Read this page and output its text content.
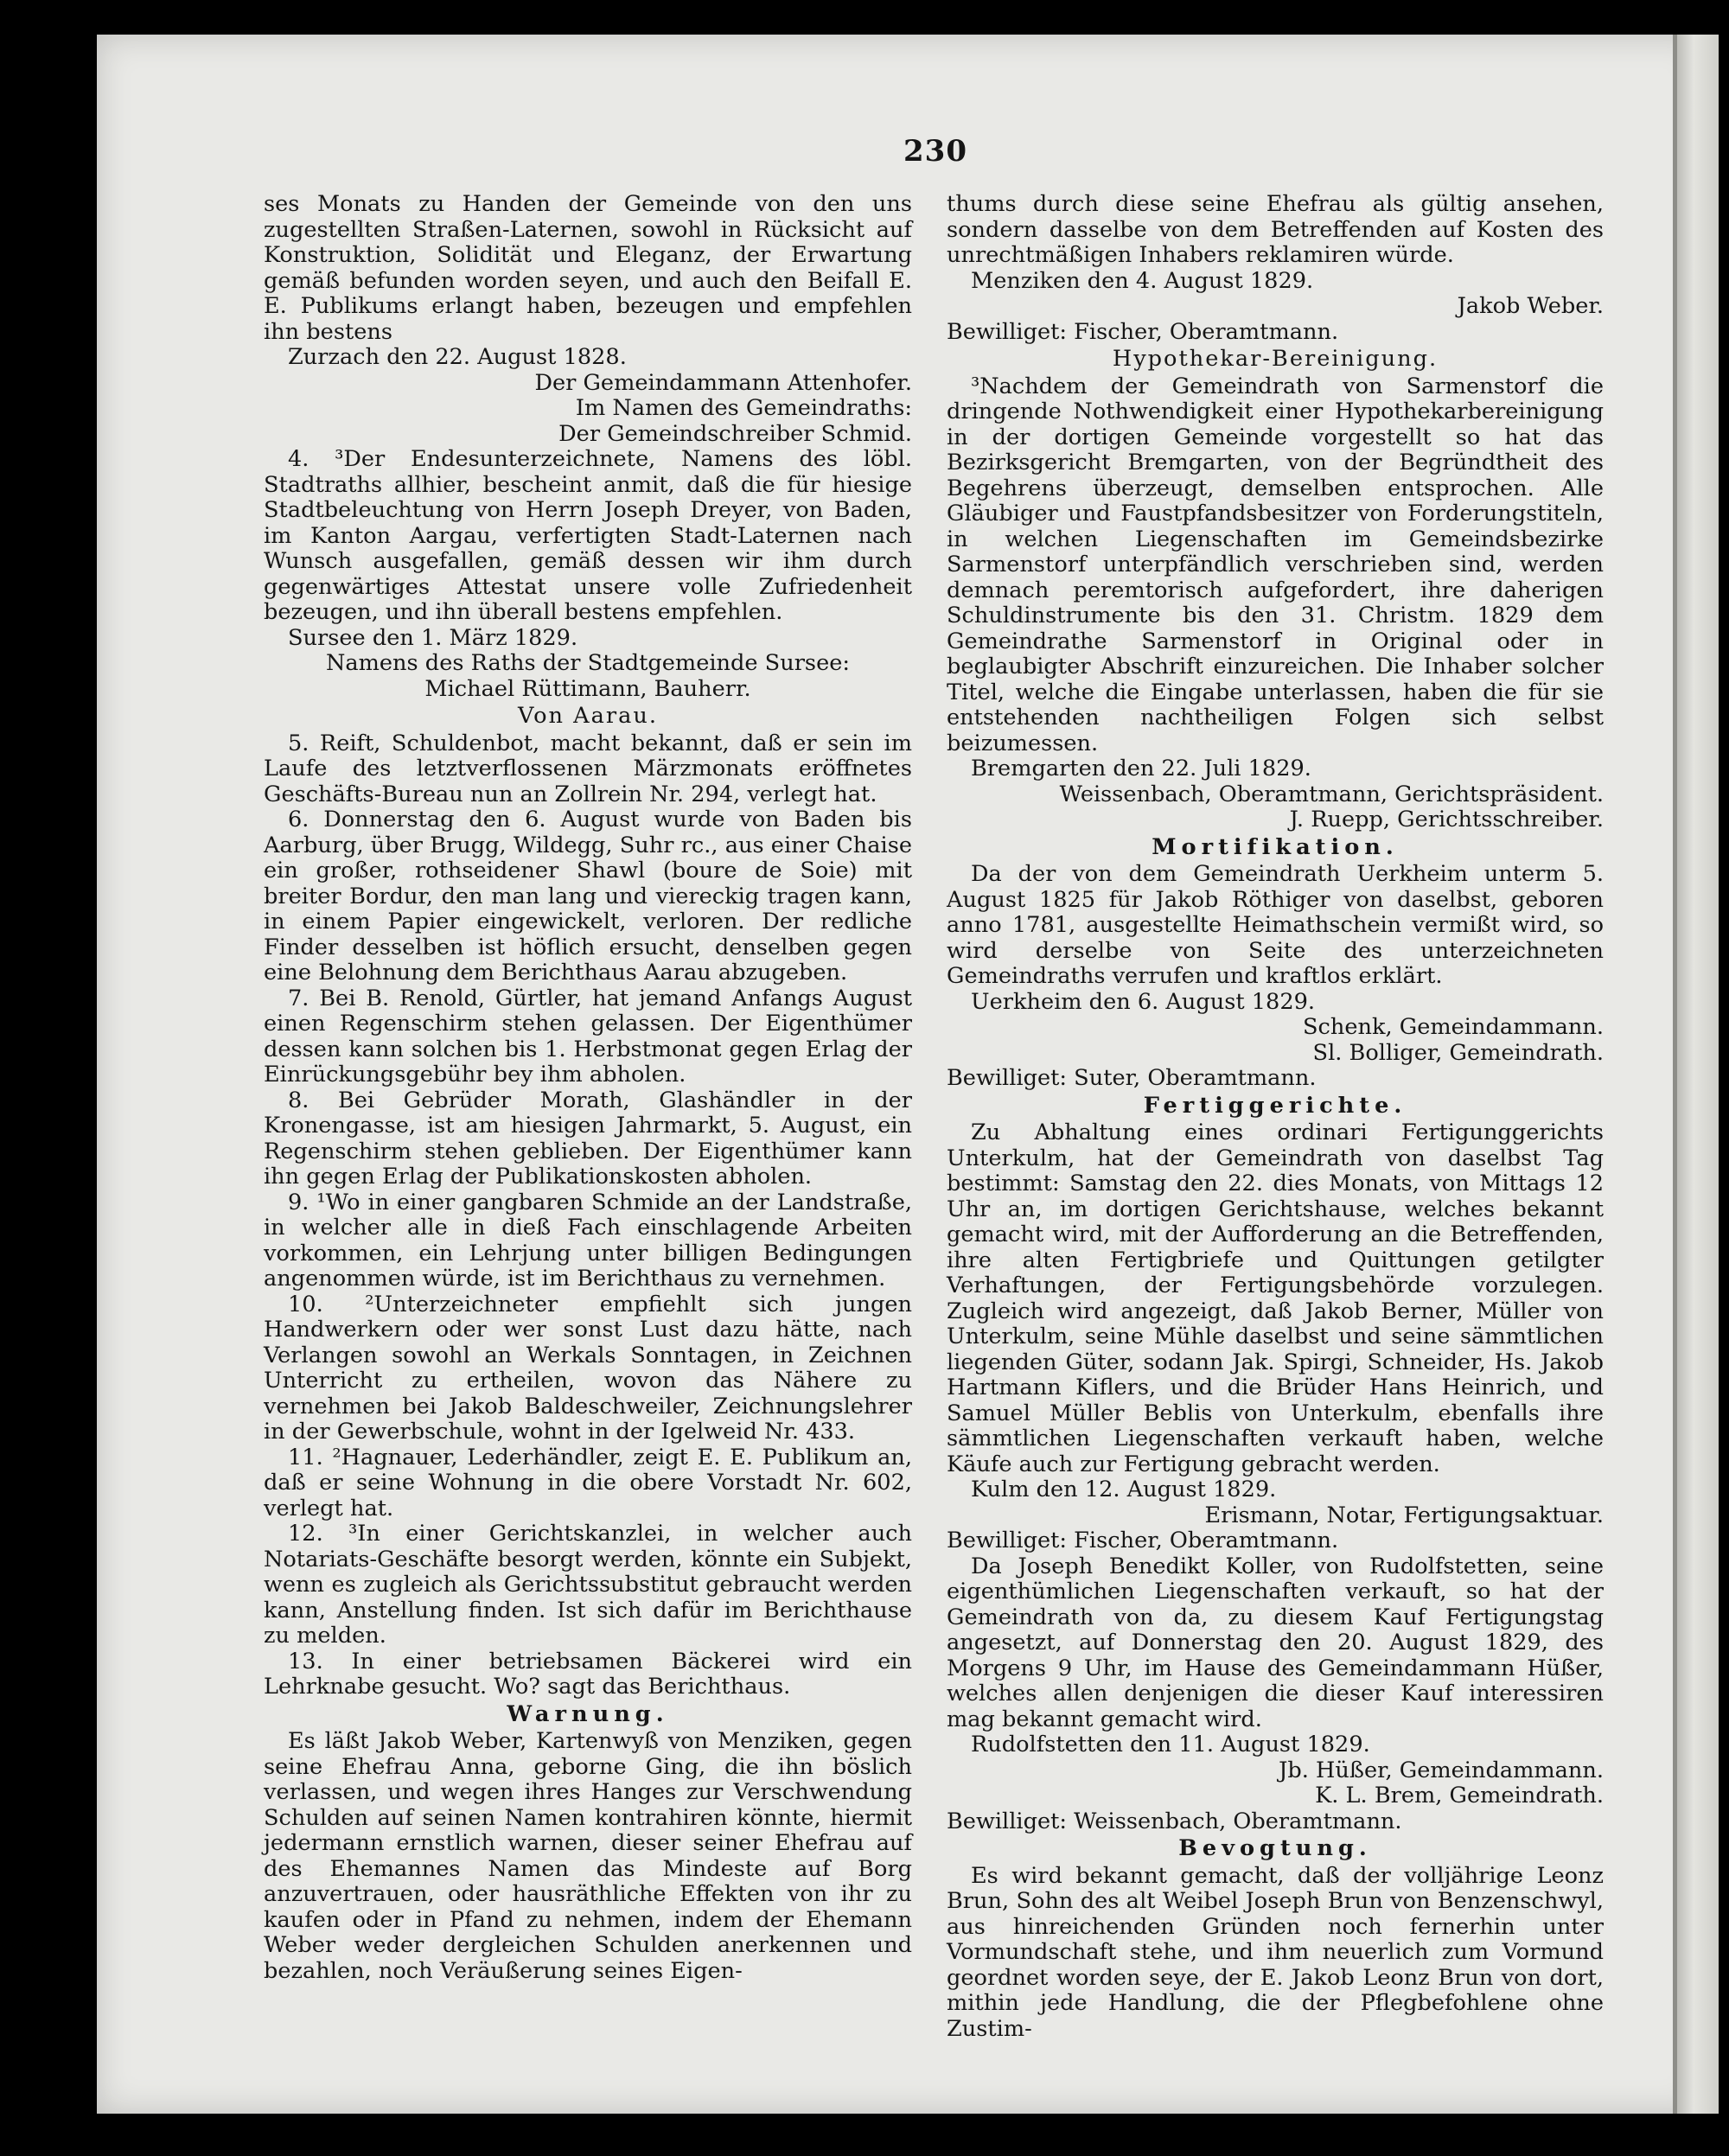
230

ses Monats zu Handen der Gemeinde von den uns zugestellten Straßen-Laternen, sowohl in Rücksicht auf Konstruktion, Solidität und Eleganz, der Erwartung gemäß befunden worden seyen, und auch den Beifall E. E. Publikums erlangt haben, bezeugen und empfehlen ihn bestens

Zurzach den 22. August 1828.

Der Gemeindammann Attenhofer.

Im Namen des Gemeindraths:

Der Gemeindschreiber Schmid.

4. ³Der Endesunterzeichnete, Namens des löbl. Stadtraths allhier, bescheint anmit, daß die für hiesige Stadtbeleuchtung von Herrn Joseph Dreyer, von Baden, im Kanton Aargau, verfertigten Stadt-Laternen nach Wunsch ausgefallen, gemäß dessen wir ihm durch gegenwärtiges Attestat unsere volle Zufriedenheit bezeugen, und ihn überall bestens empfehlen.

Sursee den 1. März 1829.

Namens des Raths der Stadtgemeinde Sursee:

Michael Rüttimann, Bauherr.

Von Aarau.

5. Reift, Schuldenbot, macht bekannt, daß er sein im Laufe des letztverflossenen Märzmonats eröffnetes Geschäfts-Bureau nun an Zollrein Nr. 294, verlegt hat.

6. Donnerstag den 6. August wurde von Baden bis Aarburg, über Brugg, Wildegg, Suhr rc., aus einer Chaise ein großer, rothseidener Shawl (boure de Soie) mit breiter Bordur, den man lang und viereckig tragen kann, in einem Papier eingewickelt, verloren. Der redliche Finder desselben ist höflich ersucht, denselben gegen eine Belohnung dem Berichthaus Aarau abzugeben.

7. Bei B. Renold, Gürtler, hat jemand Anfangs August einen Regenschirm stehen gelassen. Der Eigenthümer dessen kann solchen bis 1. Herbstmonat gegen Erlag der Einrückungsgebühr bey ihm abholen.

8. Bei Gebrüder Morath, Glashändler in der Kronengasse, ist am hiesigen Jahrmarkt, 5. August, ein Regenschirm stehen geblieben. Der Eigenthümer kann ihn gegen Erlag der Publikationskosten abholen.

9. ¹Wo in einer gangbaren Schmide an der Landstraße, in welcher alle in dieß Fach einschlagende Arbeiten vorkommen, ein Lehrjung unter billigen Bedingungen angenommen würde, ist im Berichthaus zu vernehmen.

10. ²Unterzeichneter empfiehlt sich jungen Handwerkern oder wer sonst Lust dazu hätte, nach Verlangen sowohl an Werkals Sonntagen, in Zeichnen Unterricht zu ertheilen, wovon das Nähere zu vernehmen bei Jakob Baldeschweiler, Zeichnungslehrer in der Gewerbschule, wohnt in der Igelweid Nr. 433.

11. ²Hagnauer, Lederhändler, zeigt E. E. Publikum an, daß er seine Wohnung in die obere Vorstadt Nr. 602, verlegt hat.

12. ³In einer Gerichtskanzlei, in welcher auch Notariats-Geschäfte besorgt werden, könnte ein Subjekt, wenn es zugleich als Gerichtssubstitut gebraucht werden kann, Anstellung finden. Ist sich dafür im Berichthause zu melden.

13. In einer betriebsamen Bäckerei wird ein Lehrknabe gesucht. Wo? sagt das Berichthaus.

Warnung.

Es läßt Jakob Weber, Kartenwyß von Menziken, gegen seine Ehefrau Anna, geborne Ging, die ihn böslich verlassen, und wegen ihres Hanges zur Verschwendung Schulden auf seinen Namen kontrahiren könnte, hiermit jedermann ernstlich warnen, dieser seiner Ehefrau auf des Ehemannes Namen das Mindeste auf Borg anzuvertrauen, oder hausräthliche Effekten von ihr zu kaufen oder in Pfand zu nehmen, indem der Ehemann Weber weder dergleichen Schulden anerkennen und bezahlen, noch Veräußerung seines Eigen-

thums durch diese seine Ehefrau als gültig ansehen, sondern dasselbe von dem Betreffenden auf Kosten des unrechtmäßigen Inhabers reklamiren würde.

Menziken den 4. August 1829.

Jakob Weber.

Bewilliget: Fischer, Oberamtmann.

Hypothekar-Bereinigung.

³Nachdem der Gemeindrath von Sarmenstorf die dringende Nothwendigkeit einer Hypothekarbereinigung in der dortigen Gemeinde vorgestellt so hat das Bezirksgericht Bremgarten, von der Begründtheit des Begehrens überzeugt, demselben entsprochen. Alle Gläubiger und Faustpfandsbesitzer von Forderungstiteln, in welchen Liegenschaften im Gemeindsbezirke Sarmenstorf unterpfändlich verschrieben sind, werden demnach peremtorisch aufgefordert, ihre daherigen Schuldinstrumente bis den 31. Christm. 1829 dem Gemeindrathe Sarmenstorf in Original oder in beglaubigter Abschrift einzureichen. Die Inhaber solcher Titel, welche die Eingabe unterlassen, haben die für sie entstehenden nachtheiligen Folgen sich selbst beizumessen.

Bremgarten den 22. Juli 1829.

Weissenbach, Oberamtmann, Gerichtspräsident.

J. Ruepp, Gerichtsschreiber.

Mortifikation.

Da der von dem Gemeindrath Uerkheim unterm 5. August 1825 für Jakob Röthiger von daselbst, geboren anno 1781, ausgestellte Heimathschein vermißt wird, so wird derselbe von Seite des unterzeichneten Gemeindraths verrufen und kraftlos erklärt.

Uerkheim den 6. August 1829.

Schenk, Gemeindammann.

Sl. Bolliger, Gemeindrath.

Bewilliget: Suter, Oberamtmann.

Fertiggerichte.

Zu Abhaltung eines ordinari Fertigunggerichts Unterkulm, hat der Gemeindrath von daselbst Tag bestimmt: Samstag den 22. dies Monats, von Mittags 12 Uhr an, im dortigen Gerichtshause, welches bekannt gemacht wird, mit der Aufforderung an die Betreffenden, ihre alten Fertigbriefe und Quittungen getilgter Verhaftungen, der Fertigungsbehörde vorzulegen. Zugleich wird angezeigt, daß Jakob Berner, Müller von Unterkulm, seine Mühle daselbst und seine sämmtlichen liegenden Güter, sodann Jak. Spirgi, Schneider, Hs. Jakob Hartmann Kiflers, und die Brüder Hans Heinrich, und Samuel Müller Beblis von Unterkulm, ebenfalls ihre sämmtlichen Liegenschaften verkauft haben, welche Käufe auch zur Fertigung gebracht werden.

Kulm den 12. August 1829.

Erismann, Notar, Fertigungsaktuar.

Bewilliget: Fischer, Oberamtmann.

Da Joseph Benedikt Koller, von Rudolfstetten, seine eigenthümlichen Liegenschaften verkauft, so hat der Gemeindrath von da, zu diesem Kauf Fertigungstag angesetzt, auf Donnerstag den 20. August 1829, des Morgens 9 Uhr, im Hause des Gemeindammann Hüßer, welches allen denjenigen die dieser Kauf interessiren mag bekannt gemacht wird.

Rudolfstetten den 11. August 1829.

Jb. Hüßer, Gemeindammann.

K. L. Brem, Gemeindrath.

Bewilliget: Weissenbach, Oberamtmann.

Bevogtung.

Es wird bekannt gemacht, daß der volljährige Leonz Brun, Sohn des alt Weibel Joseph Brun von Benzenschwyl, aus hinreichenden Gründen noch fernerhin unter Vormundschaft stehe, und ihm neuerlich zum Vormund geordnet worden seye, der E. Jakob Leonz Brun von dort, mithin jede Handlung, die der Pflegbefohlene ohne Zustim-
